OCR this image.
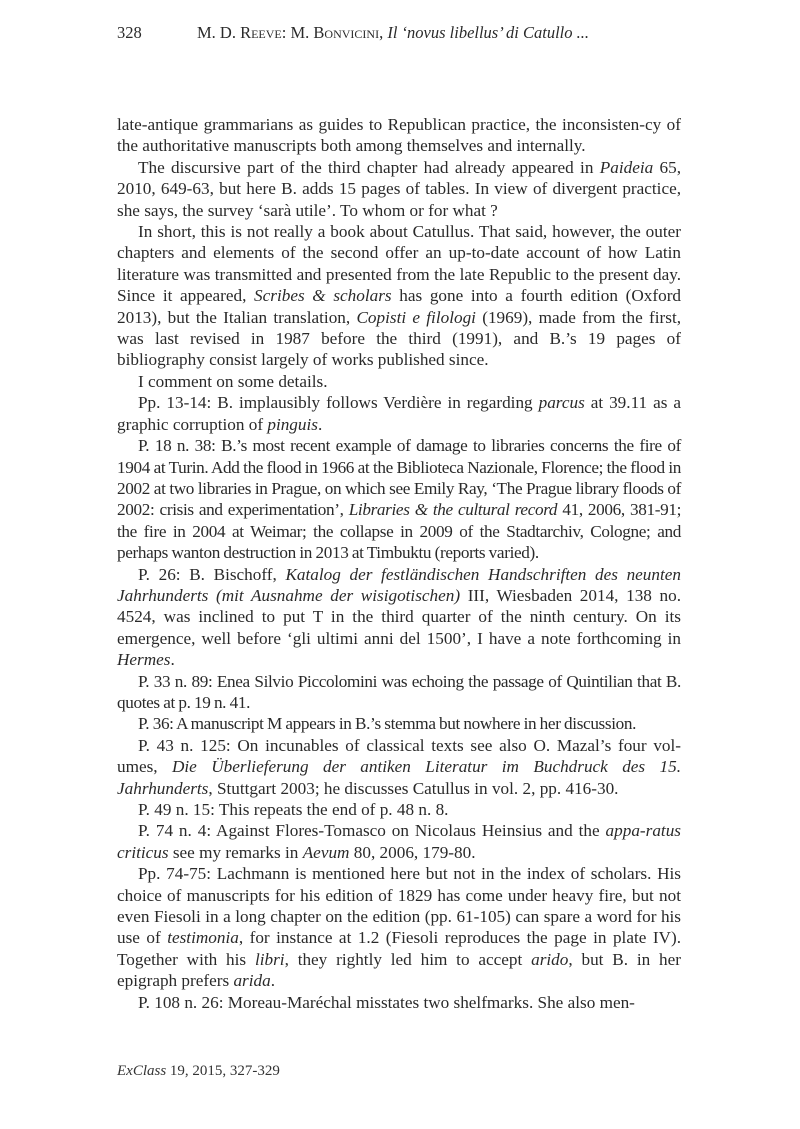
328	M. D. Reeve: M. Bonvicini, Il ‘novus libellus’ di Catullo ...

late-antique grammarians as guides to Republican practice, the inconsisten-cy of the authoritative manuscripts both among themselves and internally.

The discursive part of the third chapter had already appeared in Paideia 65, 2010, 649-63, but here B. adds 15 pages of tables. In view of divergent practice, she says, the survey ‘sarà utile’. To whom or for what ?

In short, this is not really a book about Catullus. That said, however, the outer chapters and elements of the second offer an up-to-date account of how Latin literature was transmitted and presented from the late Republic to the present day. Since it appeared, Scribes & scholars has gone into a fourth edition (Oxford 2013), but the Italian translation, Copisti e filologi (1969), made from the first, was last revised in 1987 before the third (1991), and B.’s 19 pages of bibliography consist largely of works published since.

I comment on some details.

Pp. 13-14: B. implausibly follows Verdière in regarding parcus at 39.11 as a graphic corruption of pinguis.

P. 18 n. 38: B.’s most recent example of damage to libraries concerns the fire of 1904 at Turin. Add the flood in 1966 at the Biblioteca Nazionale, Florence; the flood in 2002 at two libraries in Prague, on which see Emily Ray, ‘The Prague library floods of 2002: crisis and experimentation’, Libraries & the cultural record 41, 2006, 381-91; the fire in 2004 at Weimar; the collapse in 2009 of the Stadtarchiv, Cologne; and perhaps wanton destruction in 2013 at Timbuktu (reports varied).

P. 26: B. Bischoff, Katalog der festländischen Handschriften des neunten Jahrhunderts (mit Ausnahme der wisigotischen) III, Wiesbaden 2014, 138 no. 4524, was inclined to put T in the third quarter of the ninth century. On its emergence, well before ‘gli ultimi anni del 1500’, I have a note forthcoming in Hermes.

P. 33 n. 89: Enea Silvio Piccolomini was echoing the passage of Quintilian that B. quotes at p. 19 n. 41.

P. 36: A manuscript M appears in B.’s stemma but nowhere in her discussion.

P. 43 n. 125: On incunables of classical texts see also O. Mazal’s four vol-umes, Die Überlieferung der antiken Literatur im Buchdruck des 15. Jahrhunderts, Stuttgart 2003; he discusses Catullus in vol. 2, pp. 416-30.

P. 49 n. 15: This repeats the end of p. 48 n. 8.

P. 74 n. 4: Against Flores-Tomasco on Nicolaus Heinsius and the appa-ratus criticus see my remarks in Aevum 80, 2006, 179-80.

Pp. 74-75: Lachmann is mentioned here but not in the index of scholars. His choice of manuscripts for his edition of 1829 has come under heavy fire, but not even Fiesoli in a long chapter on the edition (pp. 61-105) can spare a word for his use of testimonia, for instance at 1.2 (Fiesoli reproduces the page in plate IV). Together with his libri, they rightly led him to accept arido, but B. in her epigraph prefers arida.

P. 108 n. 26: Moreau-Maréchal misstates two shelfmarks. She also men-

ExClass 19, 2015, 327-329
